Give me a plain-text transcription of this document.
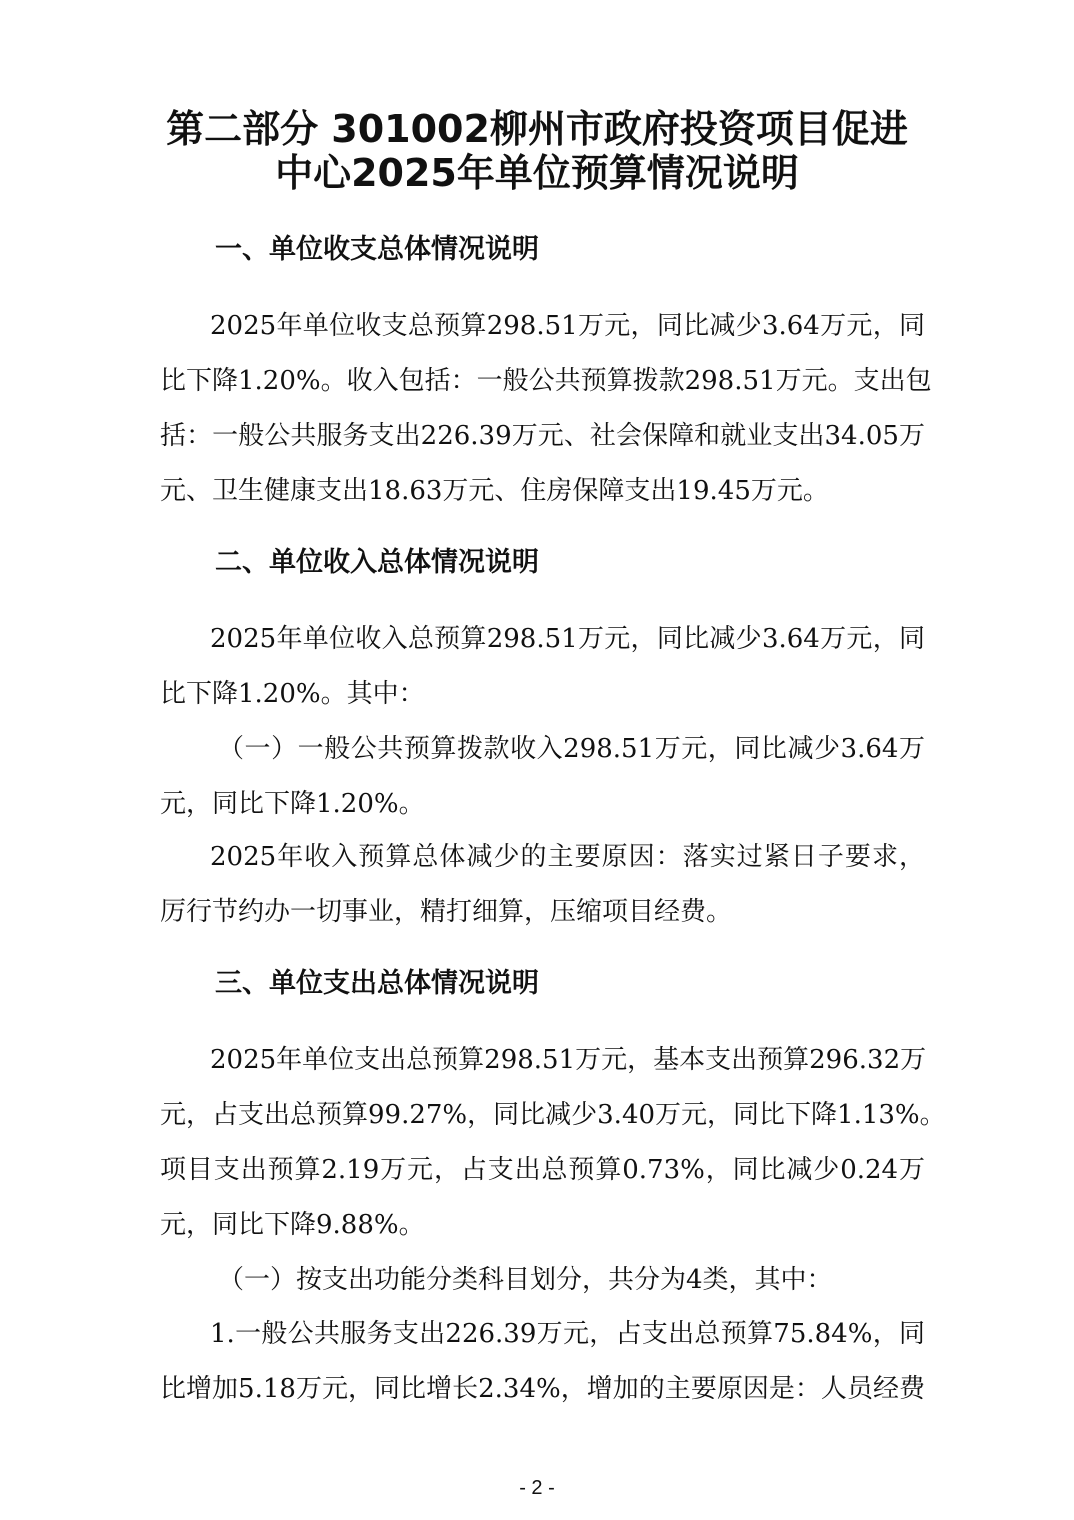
第二部分 301002柳州市政府投资项目促进
中心2025年单位预算情况说明
一、单位收支总体情况说明

2025年单位收支总预算298.51万元，同比减少3.64万元，同

比下降1.20%。收入包括：一般公共预算拨款298.51万元。支出包

括：一般公共服务支出226.39万元、社会保障和就业支出34.05万

元、卫生健康支出18.63万元、住房保障支出19.45万元。

二、单位收入总体情况说明

2025年单位收入总预算298.51万元，同比减少3.64万元，同

比下降1.20%。其中：

（一）一般公共预算拨款收入298.51万元，同比减少3.64万

元，同比下降1.20%。

2025年收入预算总体减少的主要原因：落实过紧日子要求，

厉行节约办一切事业，精打细算，压缩项目经费。

三、单位支出总体情况说明

2025年单位支出总预算298.51万元，基本支出预算296.32万

元，占支出总预算99.27%，同比减少3.40万元，同比下降1.13%。

项目支出预算2.19万元，占支出总预算0.73%，同比减少0.24万

元，同比下降9.88%。

（一）按支出功能分类科目划分，共分为4类，其中：

1.一般公共服务支出226.39万元，占支出总预算75.84%，同

比增加5.18万元，同比增长2.34%，增加的主要原因是：人员经费

- 2 -
